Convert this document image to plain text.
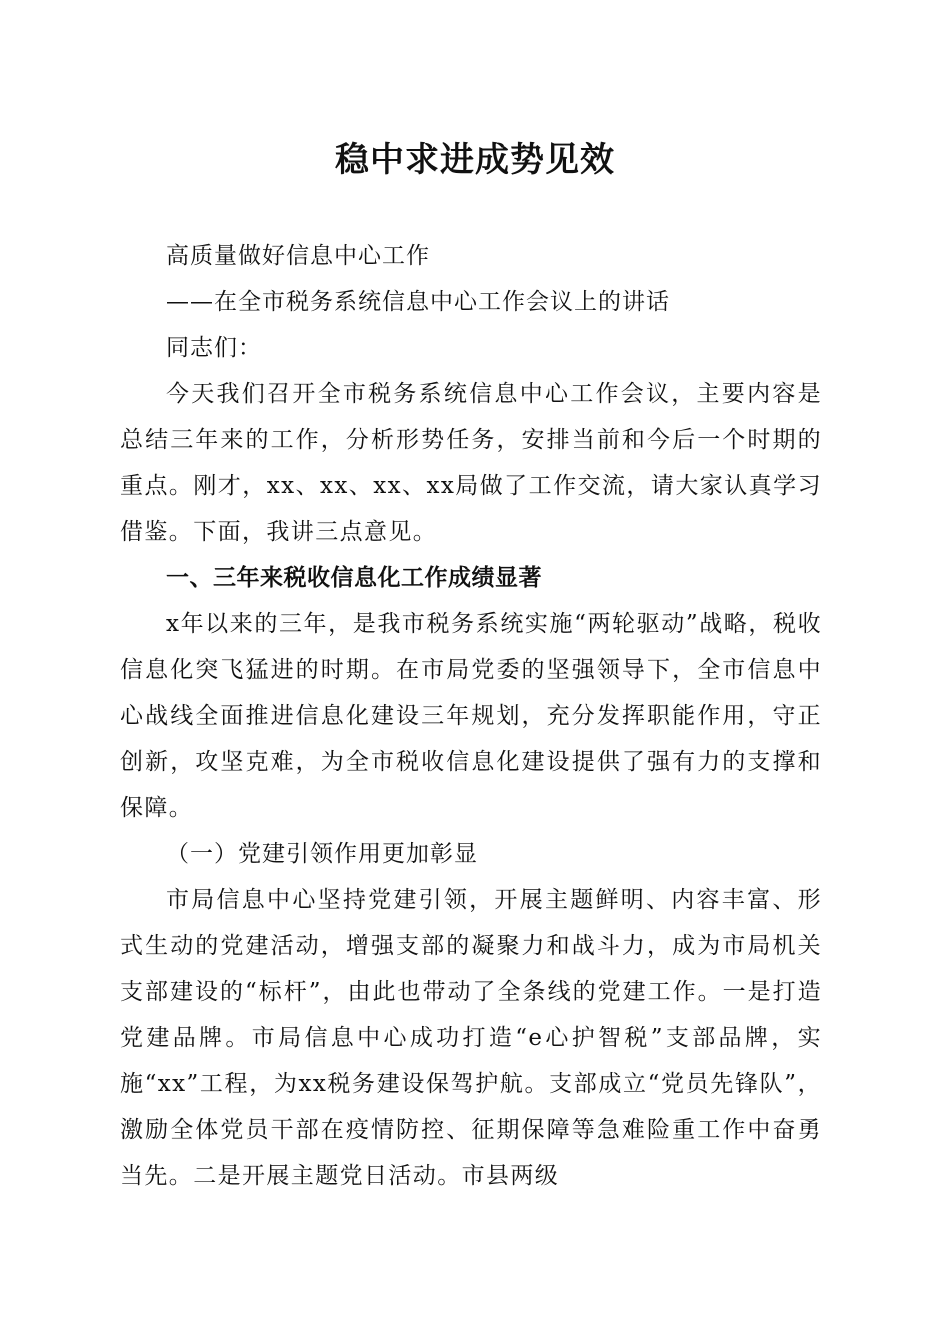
稳中求进成势见效

高质量做好信息中心工作

——在全市税务系统信息中心工作会议上的讲话

同志们：

今天我们召开全市税务系统信息中心工作会议，主要内容是总结三年来的工作，分析形势任务，安排当前和今后一个时期的重点。刚才，xx、xx、xx、xx局做了工作交流，请大家认真学习借鉴。下面，我讲三点意见。

一、三年来税收信息化工作成绩显著

x年以来的三年，是我市税务系统实施“两轮驱动”战略，税收信息化突飞猛进的时期。在市局党委的坚强领导下，全市信息中心战线全面推进信息化建设三年规划，充分发挥职能作用，守正创新，攻坚克难，为全市税收信息化建设提供了强有力的支撑和保障。

（一）党建引领作用更加彰显

市局信息中心坚持党建引领，开展主题鲜明、内容丰富、形式生动的党建活动，增强支部的凝聚力和战斗力，成为市局机关支部建设的“标杆”，由此也带动了全条线的党建工作。一是打造党建品牌。市局信息中心成功打造“e心护智税”支部品牌，实施“xx”工程，为xx税务建设保驾护航。支部成立“党员先锋队”，激励全体党员干部在疫情防控、征期保障等急难险重工作中奋勇当先。二是开展主题党日活动。市县两级
